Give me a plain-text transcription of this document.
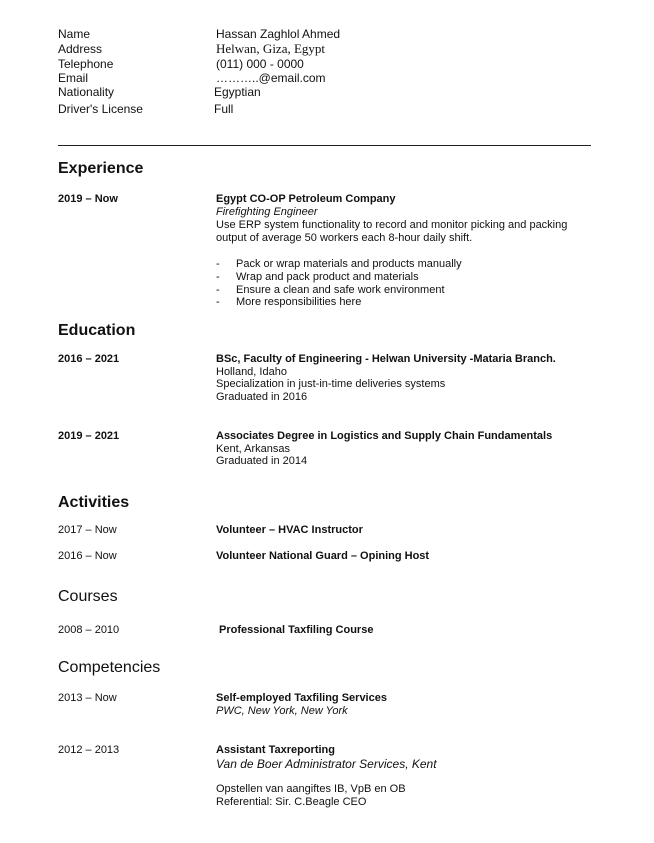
Name	Hassan Zaghlol Ahmed
Address	Helwan, Giza, Egypt
Telephone	(011) 000 - 0000
Email	………..@email.com
Nationality	Egyptian
Driver's License	Full
Experience
2019 – Now	Egypt CO-OP Petroleum Company
Firefighting Engineer
Use ERP system functionality to record and monitor picking and packing
output of average 50 workers each 8-hour daily shift.
- Pack or wrap materials and products manually
- Wrap and pack product and materials
- Ensure a clean and safe work environment
- More responsibilities here
Education
2016 – 2021	BSc, Faculty of Engineering - Helwan University -Mataria Branch.
Holland, Idaho
Specialization in just-in-time deliveries systems
Graduated in 2016
2019 – 2021	Associates Degree in Logistics and Supply Chain Fundamentals
Kent, Arkansas
Graduated in 2014
Activities
2017 – Now	Volunteer – HVAC Instructor
2016 – Now	Volunteer National Guard – Opining Host
Courses
2008 – 2010	Professional Taxfiling Course
Competencies
2013 – Now	Self-employed Taxfiling Services
PWC, New York, New York
2012 – 2013	Assistant Taxreporting
Van de Boer Administrator Services, Kent
Opstellen van aangiftes IB, VpB en OB
Referential: Sir. C.Beagle CEO
